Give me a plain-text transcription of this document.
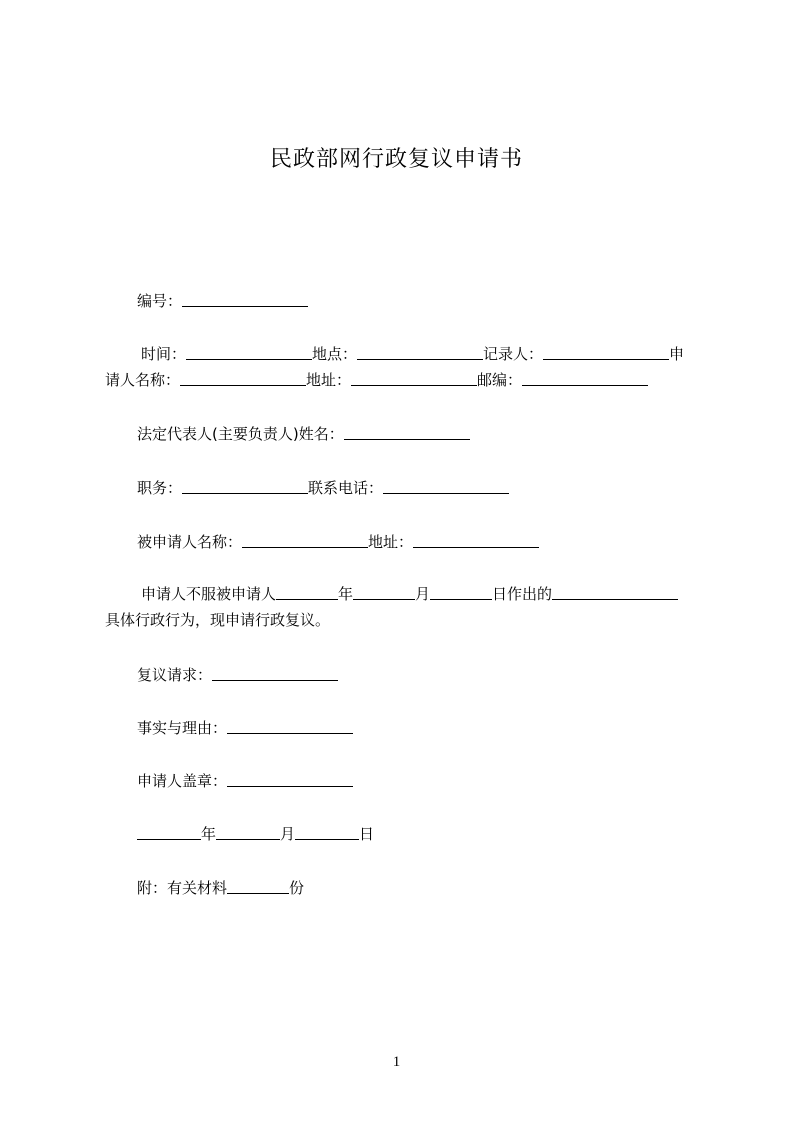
民政部网行政复议申请书
编号：
时间：	地点：	记录人：	申
请人名称：	地址：	邮编：
法定代表人(主要负责人)姓名：
职务：	联系电话：
被申请人名称：	地址：
申请人不服被申请人	年	月	日作出的
具体行政行为，现申请行政复议。
复议请求：
事实与理由：
申请人盖章：
年	月	日
附：有关材料	份
1
